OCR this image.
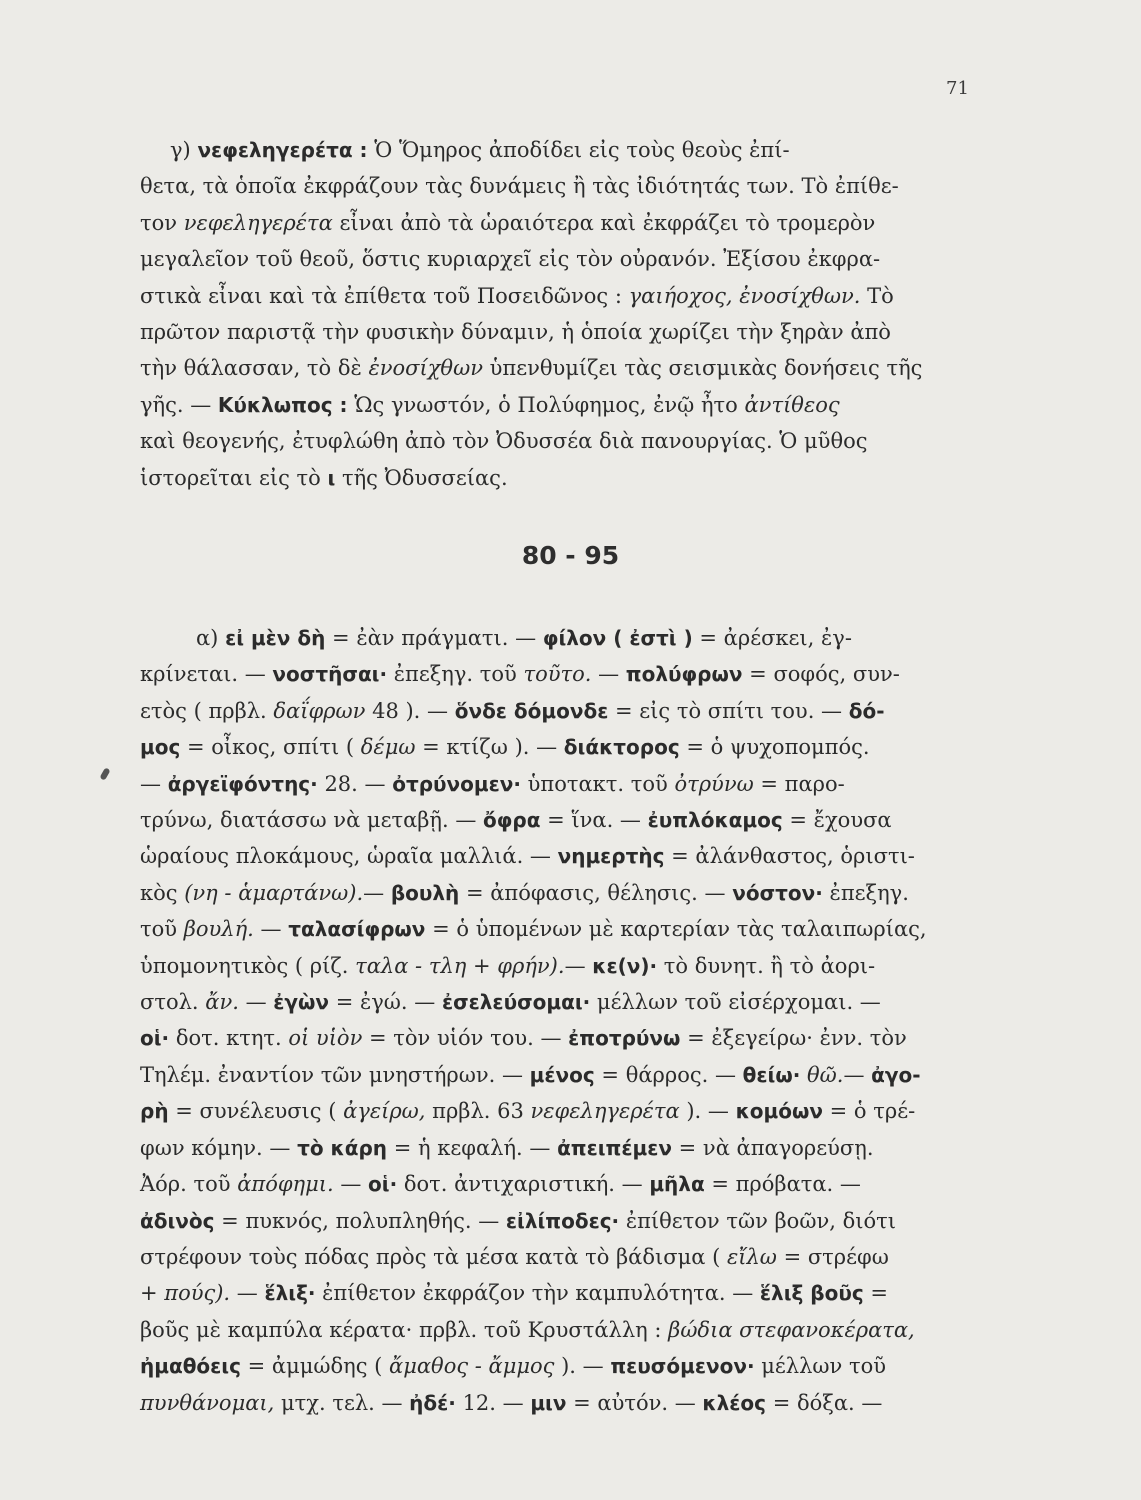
71
γ) νεφεληγερέτα : Ὁ Ὅμηρος ἀποδίδει εἰς τοὺς θεοὺς ἐπί-
θετα, τὰ ὁποῖα ἐκφράζουν τὰς δυνάμεις ἢ τὰς ἰδιότητάς των. Τὸ ἐπίθε-
τον νεφεληγερέτα εἶναι ἀπὸ τὰ ὡραιότερα καὶ ἐκφράζει τὸ τρομερὸν
μεγαλεῖον τοῦ θεοῦ, ὅστις κυριαρχεῖ εἰς τὸν οὐρανόν. Ἐξίσου ἐκφρα-
στικὰ εἶναι καὶ τὰ ἐπίθετα τοῦ Ποσειδῶνος : γαιήοχος, ἐνοσίχθων. Τὸ
πρῶτον παριστᾷ τὴν φυσικὴν δύναμιν, ἡ ὁποία χωρίζει τὴν ξηρὰν ἀπὸ
τὴν θάλασσαν, τὸ δὲ ἐνοσίχθων ὑπενθυμίζει τὰς σεισμικὰς δονήσεις τῆς
γῆς. — Κύκλωπος : Ὡς γνωστόν, ὁ Πολύφημος, ἐνῷ ἦτο ἀντίθεος
καὶ θεογενής, ἐτυφλώθη ἀπὸ τὸν Ὀδυσσέα διὰ πανουργίας. Ὁ μῦθος
ἱστορεῖται εἰς τὸ ι τῆς Ὀδυσσείας.
80 - 95
α) εἰ μὲν δὴ = ἐὰν πράγματι. — φίλον ( ἐστὶ ) = ἀρέσκει, ἐγ-
κρίνεται. — νοστῆσαι· ἐπεξηγ. τοῦ τοῦτο. — πολύφρων = σοφός, συν-
ετὸς ( πρβλ. δαΐφρων 48 ). — ὅνδε δόμονδε = εἰς τὸ σπίτι του. — δό-
μος = οἶκος, σπίτι ( δέμω = κτίζω ). — διάκτορος = ὁ ψυχοπομπός.
— ἀργεϊφόντης· 28. — ὀτρύνομεν· ὑποτακτ. τοῦ ὀτρύνω = παρο-
τρύνω, διατάσσω νὰ μεταβῇ. — ὄφρα = ἵνα. — ἐυπλόκαμος = ἔχουσα
ὡραίους πλοκάμους, ὡραῖα μαλλιά. — νημερτὴς = ἀλάνθαστος, ὁριστι-
κὸς (νη - ἁμαρτάνω).— βουλὴ = ἀπόφασις, θέλησις. — νόστον· ἐπεξηγ.
τοῦ βουλή. — ταλασίφρων = ὁ ὑπομένων μὲ καρτερίαν τὰς ταλαιπωρίας,
ὑπομονητικὸς ( ρίζ. ταλα - τλη + φρήν).— κε(ν)· τὸ δυνητ. ἢ τὸ ἀορι-
στολ. ἄν. — ἐγὼν = ἐγώ. — ἐσελεύσομαι· μέλλων τοῦ εἰσέρχομαι. —
οἱ· δοτ. κτητ. οἱ υἱὸν = τὸν υἱόν του. — ἐποτρύνω = ἐξεγείρω· ἐνν. τὸν
Τηλέμ. ἐναντίον τῶν μνηστήρων. — μένος = θάρρος. — θείω· θῶ.— ἀγο-
ρὴ = συνέλευσις ( ἀγείρω, πρβλ. 63 νεφεληγερέτα ). — κομόων = ὁ τρέ-
φων κόμην. — τὸ κάρη = ἡ κεφαλή. — ἀπειπέμεν = νὰ ἀπαγορεύσῃ.
Ἀόρ. τοῦ ἀπόφημι. — οἱ· δοτ. ἀντιχαριστική. — μῆλα = πρόβατα. —
ἀδινὸς = πυκνός, πολυπληθής. — εἰλίποδες· ἐπίθετον τῶν βοῶν, διότι
στρέφουν τοὺς πόδας πρὸς τὰ μέσα κατὰ τὸ βάδισμα ( εἴλω = στρέφω
+ πούς). — ἕλιξ· ἐπίθετον ἐκφράζον τὴν καμπυλότητα. — ἕλιξ βοῦς =
βοῦς μὲ καμπύλα κέρατα· πρβλ. τοῦ Κρυστάλλη : βώδια στεφανοκέρατα,
ἠμαθόεις = ἀμμώδης ( ἄμαθος - ἄμμος ). — πευσόμενον· μέλλων τοῦ
πυνθάνομαι, μτχ. τελ. — ἠδέ· 12. — μιν = αὐτόν. — κλέος = δόξα. —
